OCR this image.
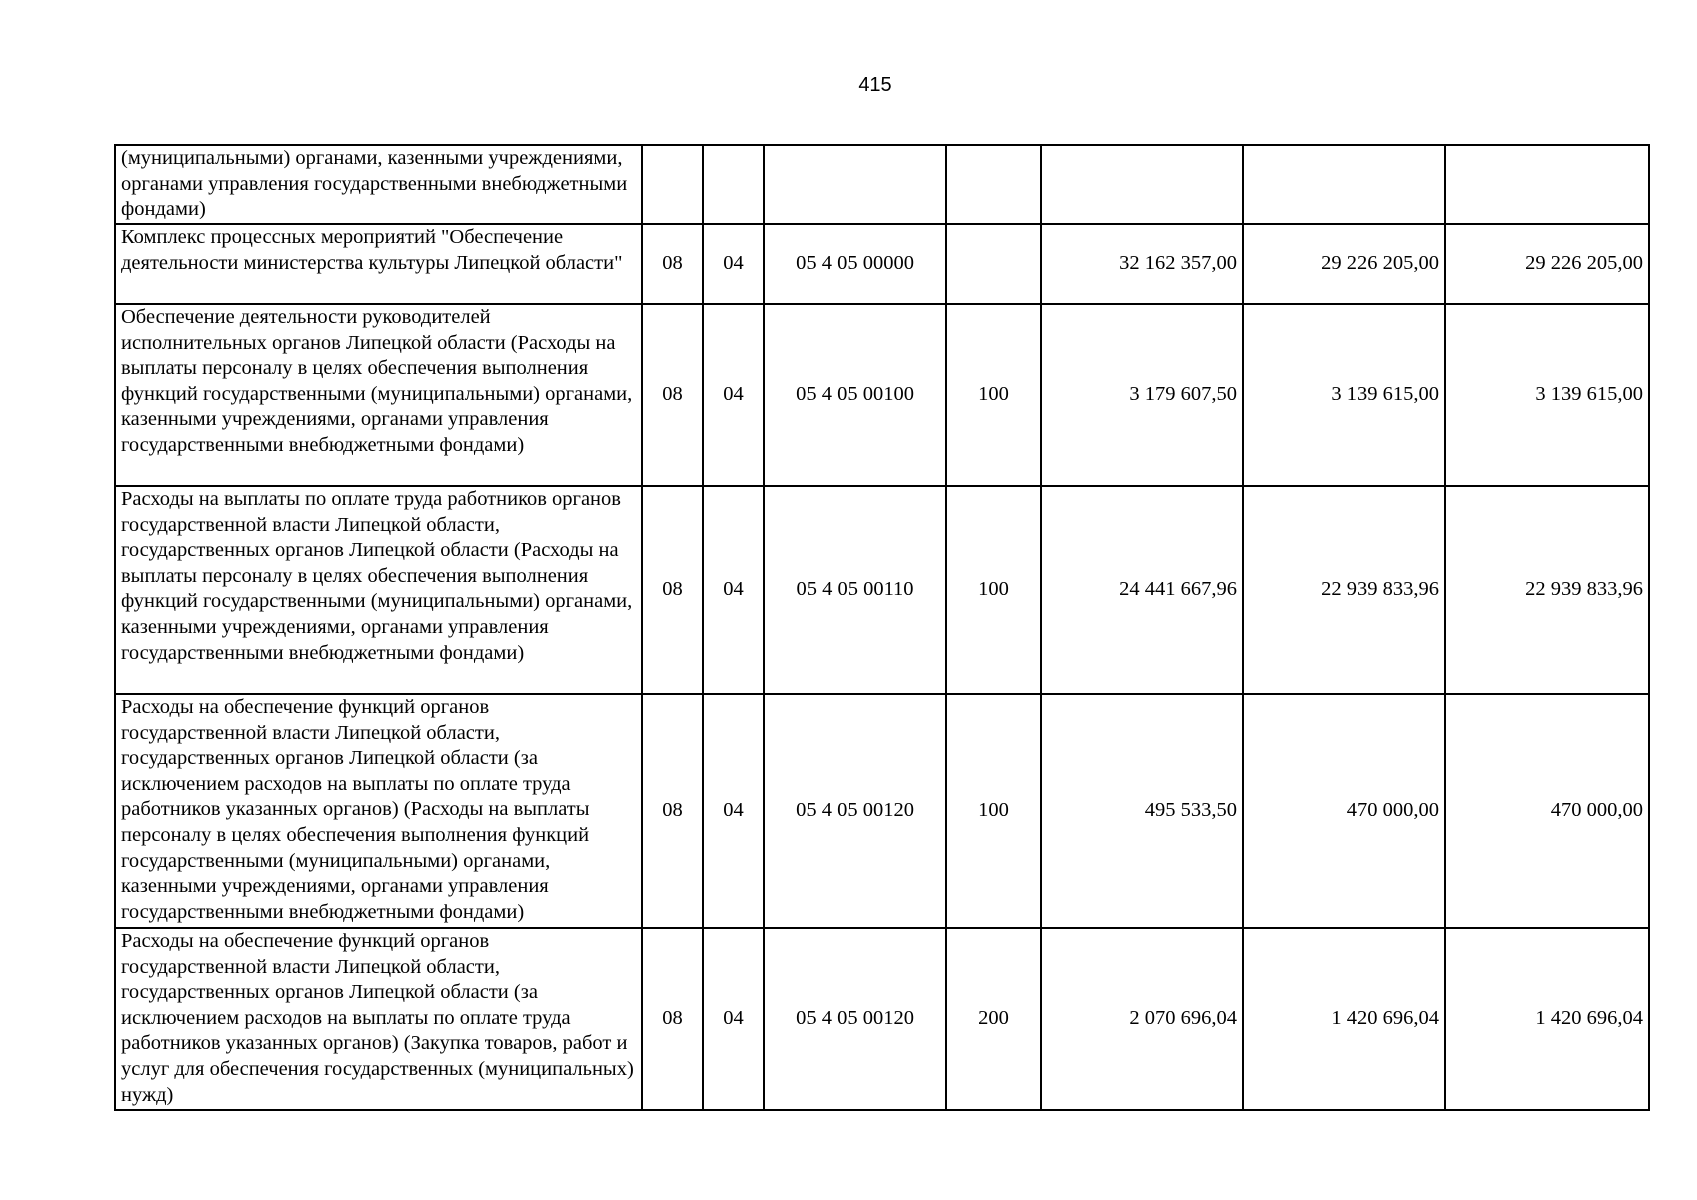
415
(муниципальными) органами, казенными учреждениями, органами управления государственными внебюджетными фондами)							
Комплекс процессных мероприятий "Обеспечение деятельности министерства культуры Липецкой области"	08	04	05 4 05 00000		32 162 357,00	29 226 205,00	29 226 205,00
Обеспечение деятельности руководителей исполнительных органов Липецкой области (Расходы на выплаты персоналу в целях обеспечения выполнения функций государственными (муниципальными) органами, казенными учреждениями, органами управления государственными внебюджетными фондами)	08	04	05 4 05 00100	100	3 179 607,50	3 139 615,00	3 139 615,00
Расходы на выплаты по оплате труда работников органов государственной власти Липецкой области, государственных органов Липецкой области (Расходы на выплаты персоналу в целях обеспечения выполнения функций государственными (муниципальными) органами, казенными учреждениями, органами управления государственными внебюджетными фондами)	08	04	05 4 05 00110	100	24 441 667,96	22 939 833,96	22 939 833,96
Расходы на обеспечение функций органов государственной власти Липецкой области, государственных органов Липецкой области (за исключением расходов на выплаты по оплате труда работников указанных органов) (Расходы на выплаты персоналу в целях обеспечения выполнения функций государственными (муниципальными) органами, казенными учреждениями, органами управления государственными внебюджетными фондами)	08	04	05 4 05 00120	100	495 533,50	470 000,00	470 000,00
Расходы на обеспечение функций органов государственной власти Липецкой области, государственных органов Липецкой области (за исключением расходов на выплаты по оплате труда работников указанных органов) (Закупка товаров, работ и услуг для обеспечения государственных (муниципальных) нужд)	08	04	05 4 05 00120	200	2 070 696,04	1 420 696,04	1 420 696,04
